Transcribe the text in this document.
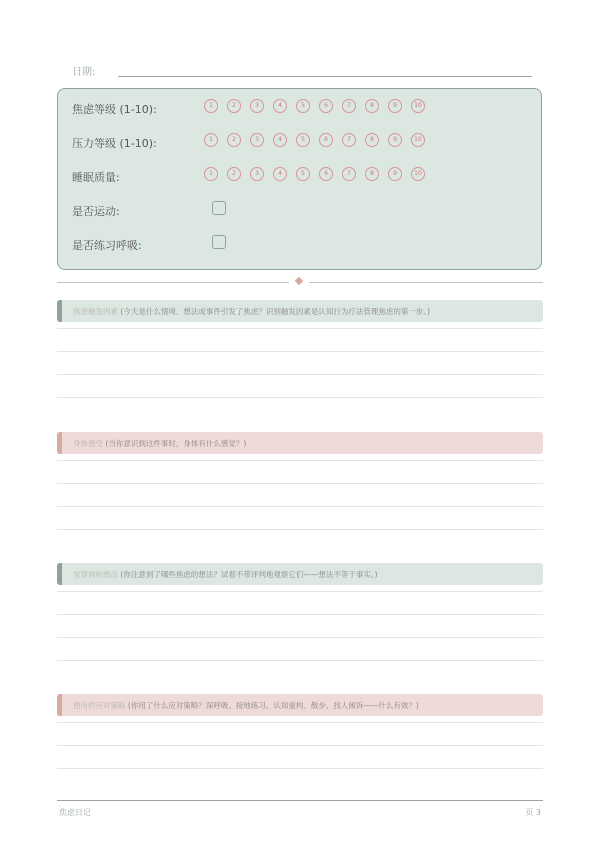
日期:
焦虑等级 (1-10):	1	2	3	4	5	6	7	8	9	10
压力等级 (1-10):	1	2	3	4	5	6	7	8	9	10
睡眠质量:	1	2	3	4	5	6	7	8	9	10
是否运动:
是否练习呼吸:
焦虑触发因素 (今天是什么情境、想法或事件引发了焦虑？识别触发因素是认知行为疗法管理焦虑的第一步。)
身体感受 (当你意识到这件事时，身体有什么感觉？)
觉察到的想法 (你注意到了哪些焦虑的想法？试着不带评判地观察它们——想法不等于事实。)
使用的应对策略 (你用了什么应对策略？深呼吸、接地练习、认知重构、散步、找人倾诉——什么有效？)
焦虑日记	页 3
